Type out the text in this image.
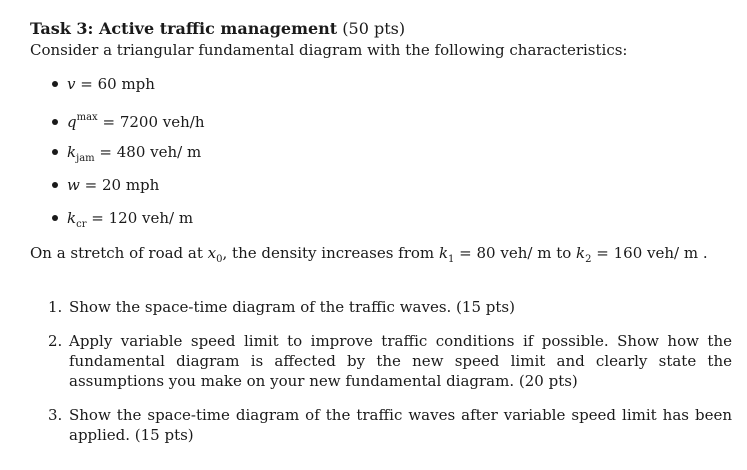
Task 3: Active traffic management (50 pts)
Consider a triangular fundamental diagram with the following characteristics:
v = 60 mph
$q^{max} = 7200$ veh/h
$k_{jam} = 480$ veh/ m
w = 20 mph
$k_{cr} = 120$ veh/ m
On a stretch of road at $x_0$, the density increases from $k_1 = 80$ veh/ m to $k_2 = 160$ veh/ m .
1. Show the space-time diagram of the traffic waves. (15 pts)
2. Apply variable speed limit to improve traffic conditions if possible. Show how the fundamental diagram is affected by the new speed limit and clearly state the assumptions you make on your new fundamental diagram. (20 pts)
3. Show the space-time diagram of the traffic waves after variable speed limit has been applied. (15 pts)
